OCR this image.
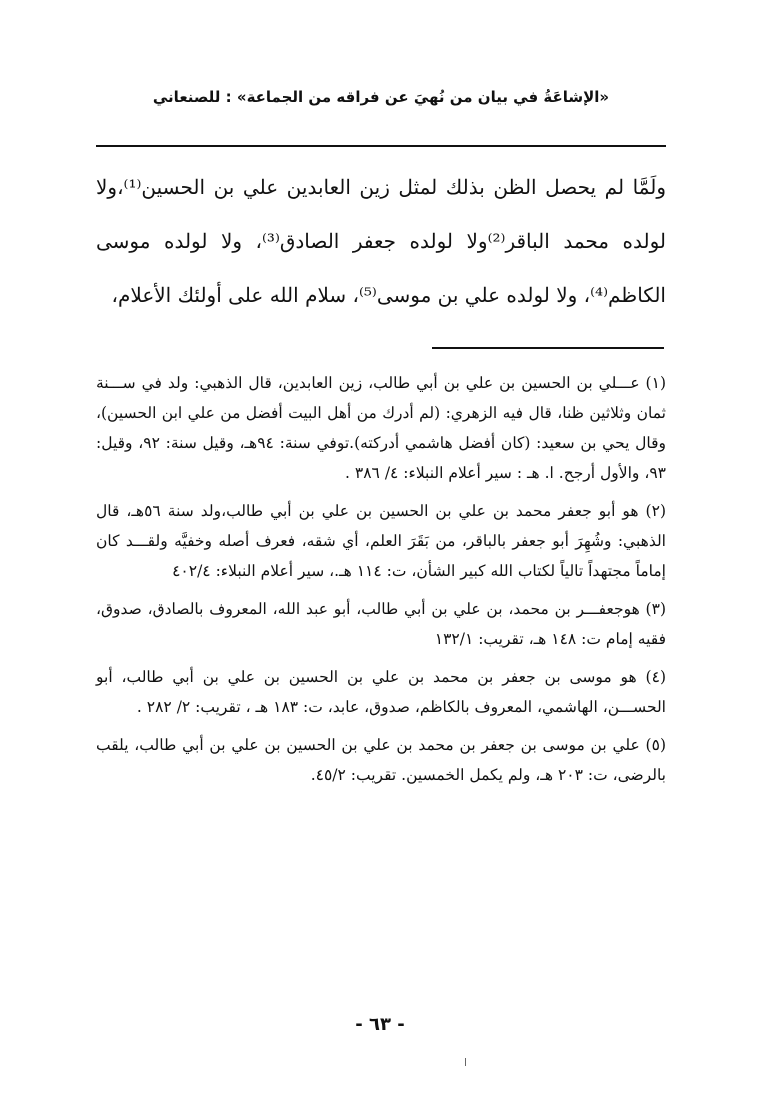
«الإشاعَةُ في بيان من نُهيَ عن فراقه من الجماعة» : للصنعاني

ولَمَّا لم يحصل الظن بذلك لمثل زين العابدين علي بن الحسين⁽¹⁾،ولا لولده محمد الباقر⁽²⁾ولا لولده جعفر الصادق⁽³⁾، ولا لولده موسى الكاظم⁽⁴⁾، ولا لولده علي بن موسى⁽⁵⁾، سلام الله على أولئك الأعلام،

(١) عـــلي بن الحسين بن علي بن أبي طالب، زين العابدين، قال الذهبي: ولد في ســـنة ثمان وثلاثين ظنا، قال فيه الزهري: (لم أدرك من أهل البيت أفضل من علي ابن الحسين)، وقال يحي بن سعيد: (كان أفضل هاشمي أدركته).توفي سنة: ٩٤هـ، وقيل سنة: ٩٢، وقيل: ٩٣، والأول أرجح. ا. هـ : سير أعلام النبلاء: ٤/ ٣٨٦ .

(٢) هو أبو جعفر محمد بن علي بن الحسين بن علي بن أبي طالب،ولد سنة ٥٦هـ، قال الذهبي: وشُهِرَ أبو جعفر بالباقر، من بَقَرَ العلم، أي شقه، فعرف أصله وخفيَّه ولقـــد كان إماماً مجتهداً تالياً لكتاب الله كبير الشأن، ت: ١١٤ هـ.، سير أعلام النبلاء: ٤٠٢/٤

(٣) هوجعفـــر بن محمد، بن علي بن أبي طالب، أبو عبد الله، المعروف بالصادق، صدوق، فقيه إمام ت: ١٤٨ هـ، تقريب: ١٣٢/١

(٤) هو موسى بن جعفر بن محمد بن علي بن الحسين بن علي بن أبي طالب، أبو الحســـن، الهاشمي، المعروف بالكاظم، صدوق، عابد، ت: ١٨٣ هـ ، تقريب: ٢/ ٢٨٢ .

(٥) علي بن موسى بن جعفر بن محمد بن علي بن الحسين بن علي بن أبي طالب، يلقب بالرضى، ت: ٢٠٣ هـ، ولم يكمل الخمسين. تقريب: ٤٥/٢.

- ٦٣ -
